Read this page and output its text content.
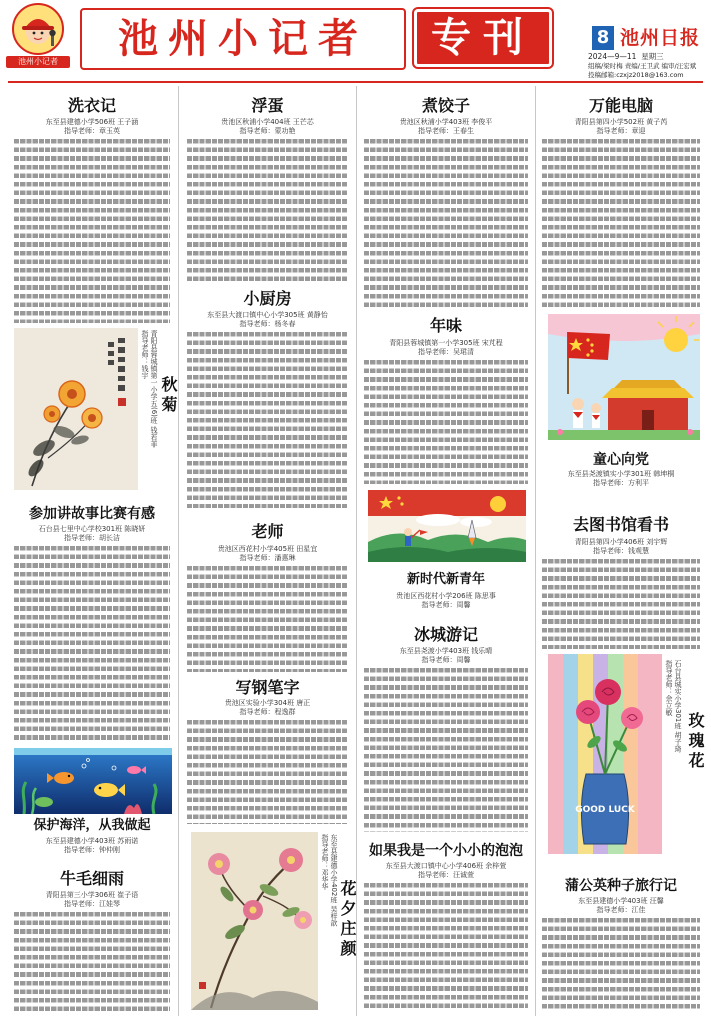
池州小记者	池州小记者	专刊	8 池州日报
2024—9—11 星期三
组稿/梁时梅 责编/王卫武 编审/汪宏斌
投稿邮箱:czxjz2018@163.com
洗衣记
东至县建德小学506班 王子涵
指导老师：章玉英
青阳县蓉城镇第一小学五(6)班 钱若菲
指导老师：钱宇
秋菊
参加讲故事比赛有感
石台县七里中心学校301班 陈晓妍
指导老师：胡长洁
保护海洋，从我做起
东至县建德小学403班 苏雨诺
指导老师：钟仲刚
牛毛细雨
青阳县第三小学306班 崔子语
指导老师：江娃琴
浮蛋
贵池区秋浦小学404班 王芒芯
指导老师：蒙功艳
小厨房
东至县大渡口镇中心小学305班 黄静怡
指导老师：杨冬春
老师
贵池区西花村小学405班 田星宜
指导老师：潘惠琳
写钢笔字
贵池区实验小学304班 唐正
指导老师：程逸群
东至县建德小学402班 吴梓歆
指导老师：邓华华
花夕庄颜
煮饺子
贵池区秋浦小学403班 李俊平
指导老师：王春生
年味
青阳县蓉城镇第一小学305班 宋芃程
指导老师：吴珺清
新时代新青年
贵池区西花村小学206班 陈思事
指导老师：周馨
冰城游记
东至县尧渡小学403班 钱乐晴
指导老师：周馨
如果我是一个小小的泡泡
东至县大渡口镇中心小学406班 余梓萱
指导老师：汪诚萱
万能电脑
青阳县第四小学502班 黄子芮
指导老师：章迎
童心向党
东至县尧渡镇实小学301班 韩坤桐
指导老师：方利平
去图书馆看书
青阳县第四小学406班 刘宇辉
指导老师：钱观慧
GOOD LUCK
石台县城实小学301班 胡子琦
指导老师：余立敏
玫瑰花
蒲公英种子旅行记
东至县建德小学403班 汪馨
指导老师：江佳
